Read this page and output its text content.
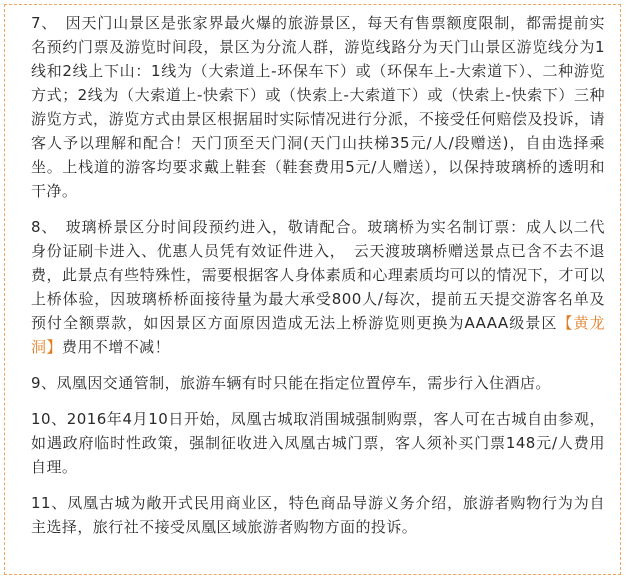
7、　因天门山景区是张家界最火爆的旅游景区，每天有售票额度限制，都需提前实名预约门票及游览时间段，景区为分流人群，游览线路分为天门山景区游览线分为1线和2线上下山：1线为（大索道上-环保车下）或（环保车上-大索道下）、二种游览方式；2线为（大索道上-快索下）或（快索上-大索道下）或（快索上-快索下）三种游览方式，游览方式由景区根据届时实际情况进行分派，不接受任何赔偿及投诉，请客人予以理解和配合！天门顶至天门洞(天门山扶梯35元/人/段赠送)，自由选择乘坐。上栈道的游客均要求戴上鞋套（鞋套费用5元/人赠送），以保持玻璃桥的透明和干净。

8、　玻璃桥景区分时间段预约进入，敬请配合。玻璃桥为实名制订票：成人以二代身份证刷卡进入、优惠人员凭有效证件进入，　云天渡玻璃桥赠送景点已含不去不退费，此景点有些特殊性，需要根据客人身体素质和心理素质均可以的情况下，才可以上桥体验，因玻璃桥桥面接待量为最大承受800人/每次，提前五天提交游客名单及预付全额票款，如因景区方面原因造成无法上桥游览则更换为AAAA级景区【黄龙洞】费用不增不减！

9、凤凰因交通管制，旅游车辆有时只能在指定位置停车，需步行入住酒店。

10、2016年4月10日开始，凤凰古城取消围城强制购票，客人可在古城自由参观，如遇政府临时性政策，强制征收进入凤凰古城门票，客人须补买门票148元/人费用自理。

11、凤凰古城为敞开式民用商业区，特色商品导游义务介绍，旅游者购物行为为自主选择，旅行社不接受凤凰区域旅游者购物方面的投诉。
